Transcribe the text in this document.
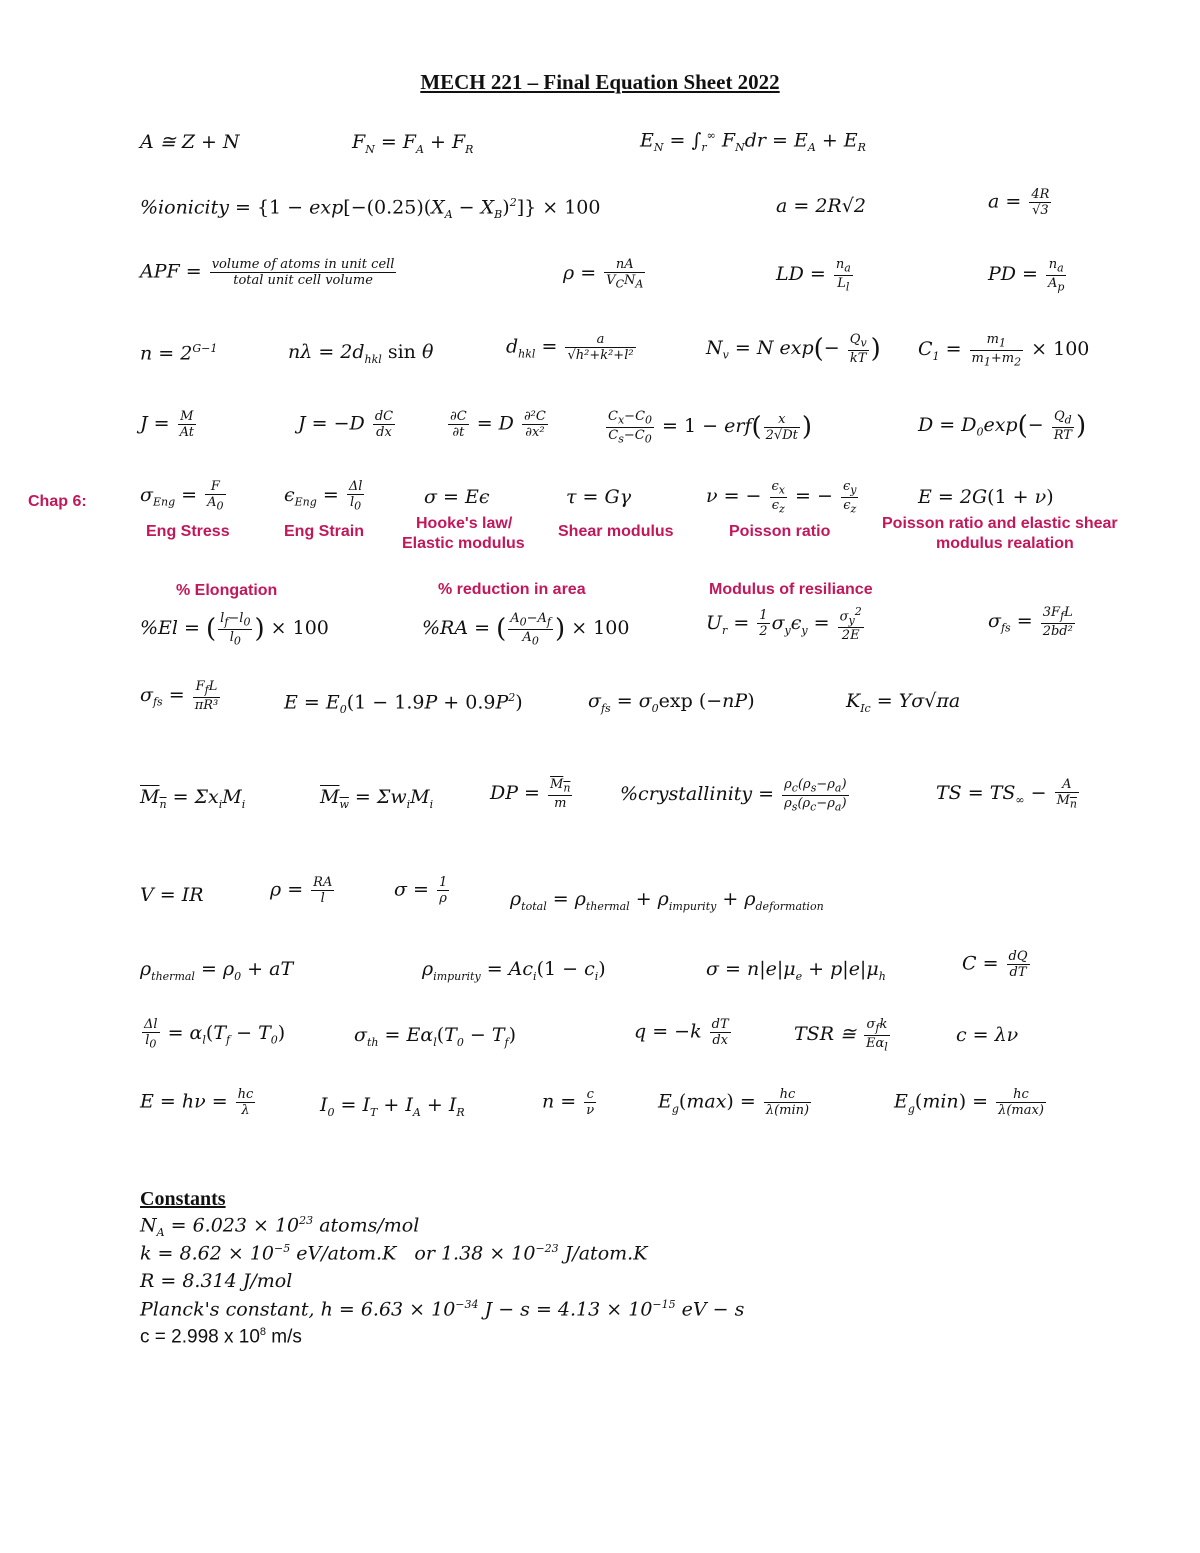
MECH 221 – Final Equation Sheet 2022
A ≅ Z + N	$F_N = F_A + F_R$	$E_N = \int_r^\infty$ $F_Ndr = E_A + E_R$
%ionicity = $\{1 - \exp[-(0.25)(X_A - X_B)^2]\} \times 100$	a = 2R√2	$a = \frac{4R}{√3}$
APF = volume of atoms in unit cell
total unit cell volume	ρ =	nA
$V_CN_A$	LD = $\frac{n_a}{L_l}$	PD = $\frac{n_a}{A_p}$
$n = 2^{G-1}$	$n\lambda = 2d_{hkl}$ sin θ	$d_{hkl} = \frac{a}{\text{√h²+k²+l²}}$	$N_v = N$ $\exp(- \frac{Q_v}{kT}$ ) $C_1 = \frac{m_1}{m_1+m_2} \times 100$
$J = \frac{M}{At}$	$J = -D \frac{dC}{dx}$	$\frac{\partial C}{\partial t} = D \frac{\text{∂²C}}{\text{∂x²}}$	$\frac{C_x-C_0}{C_s-C_0} = 1 - erf( \frac{x}{2√Dt}$ )	$D = D_0\exp(- \frac{Q_d}{RT}$ )
Chap 6:	$\sigma_{Eng} = \frac{F}{A_0}$	$\epsilon_{Eng} = \frac{\Delta l}{l_0}$	σ = Eϵ	τ = Gγ	ν = − $\frac{\epsilon_x}{\epsilon_z}$ = − $\frac{\epsilon_y}{\epsilon_z}$	E = 2G(1 + ν)
Eng Stress	Eng Strain	Hooke's law/
Elastic modulus
Shear modulus	Poisson ratio	Poisson ratio and elastic shear
modulus realation
% Elongation	% reduction in area	Modulus of resiliance
%El = ( $\frac{l_f-l_0}{l_0}$ ) × 100	%RA = ( $\frac{A_0-A_f}{A_0}$ ) × 100	$U_r = \frac{1}{2} \sigma_y\epsilon_y = \frac{\sigma_y^2}{2E}$	$\sigma_{fs} = 3F_fL$
2bd²
$\sigma_{fs} = F_fL$
πR³	$E = E_0(1 - 1.9P + 0.9P^2)$	$\sigma_{fs} = \sigma_0\exp$ (−nP)	$K_{Ic} = Y\sigma√\pi a$
$M_n = \Sigma x_iM_i$	$M_w = \Sigma w_iM_i$
DP = $\frac{M_n}{m}$	%crystallinity = $\frac{\rho_c(\rho_s-\rho_a)}{\rho_s(\rho_c-\rho_a)}$	TS = $TS_\infty - \frac{A}{M_n}$
V = IR	$\rho = \frac{RA}{l}$	$\sigma = \frac{1}{\rho}$	$\rho_{total} = \rho_{thermal} + \rho_{impurity} + \rho_{deformation}$
$\rho_{thermal} = \rho_0$ + aT	$\rho_{impurity} = Ac_i(1 - c_i)$	$\sigma = n|e|\mu_e + p|e|\mu_h$
$C = \frac{dQ}{dT}$
$\frac{\Delta l}{l_0} = \alpha_l(T_f - T_0)$	$\sigma_{th} = E\alpha_l(T_0 - T_f)$	$q = -k \frac{dT}{dx}$	TSR ≅ $\sigma_fk$
$E\alpha_l$
c = λν
$E = h\nu = \frac{hc}{\lambda}$	$I_0 = I_T + I_A + I_R$	$n = \frac{c}{\nu}$	$E_g(\max)$ =	hc
λ(min)	$E_g(\min)$ =	hc
λ(max)
Constants
$N_A = 6.023 \times 10^{23}$ atoms/mol
$k = 8.62 \times 10^{-5}$ eV/atom.K   or $1.38 \times 10^{-23}$ J/atom.K
R = 8.314 J/mol
Planck's constant, $h = 6.63 \times 10^{-34}$ $J - s = 4.13 \times 10^{-15}$ eV − s
c = 2.998 x $10^8$ m/s
